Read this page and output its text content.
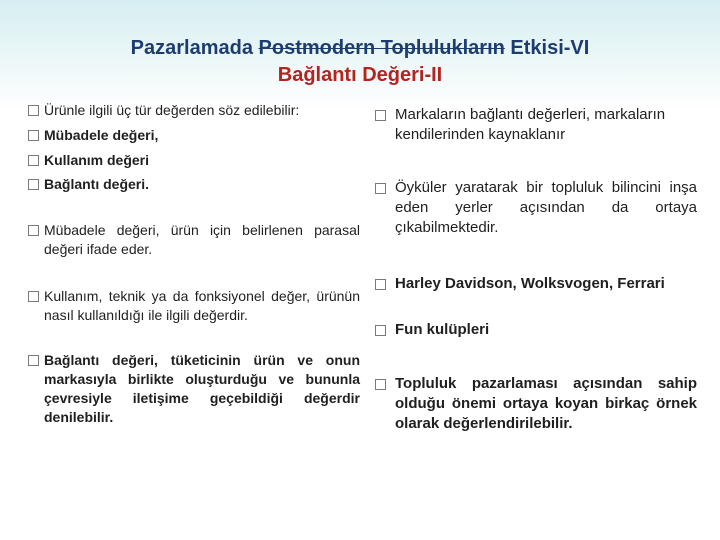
Pazarlamada Postmodern Toplulukların Etkisi-VI
Bağlantı Değeri-II
Ürünle ilgili üç tür değerden söz edilebilir:
Mübadele değeri,
Kullanım değeri
Bağlantı değeri.
Mübadele değeri, ürün için belirlenen parasal değeri ifade eder.
Kullanım, teknik ya da fonksiyonel değer, ürünün nasıl kullanıldığı ile ilgili değerdir.
Bağlantı değeri, tüketicinin ürün ve onun markasıyla birlikte oluşturduğu ve bununla çevresiyle iletişime geçebildiği değerdir denilebilir.
Markaların bağlantı değerleri, markaların kendilerinden kaynaklanır
Öyküler yaratarak bir topluluk bilincini inşa eden yerler açısından da ortaya çıkabilmektedir.
Harley Davidson, Wolksvogen, Ferrari
Fun kulüpleri
Topluluk pazarlaması açısından sahip olduğu önemi ortaya koyan birkaç örnek olarak değerlendirilebilir.
